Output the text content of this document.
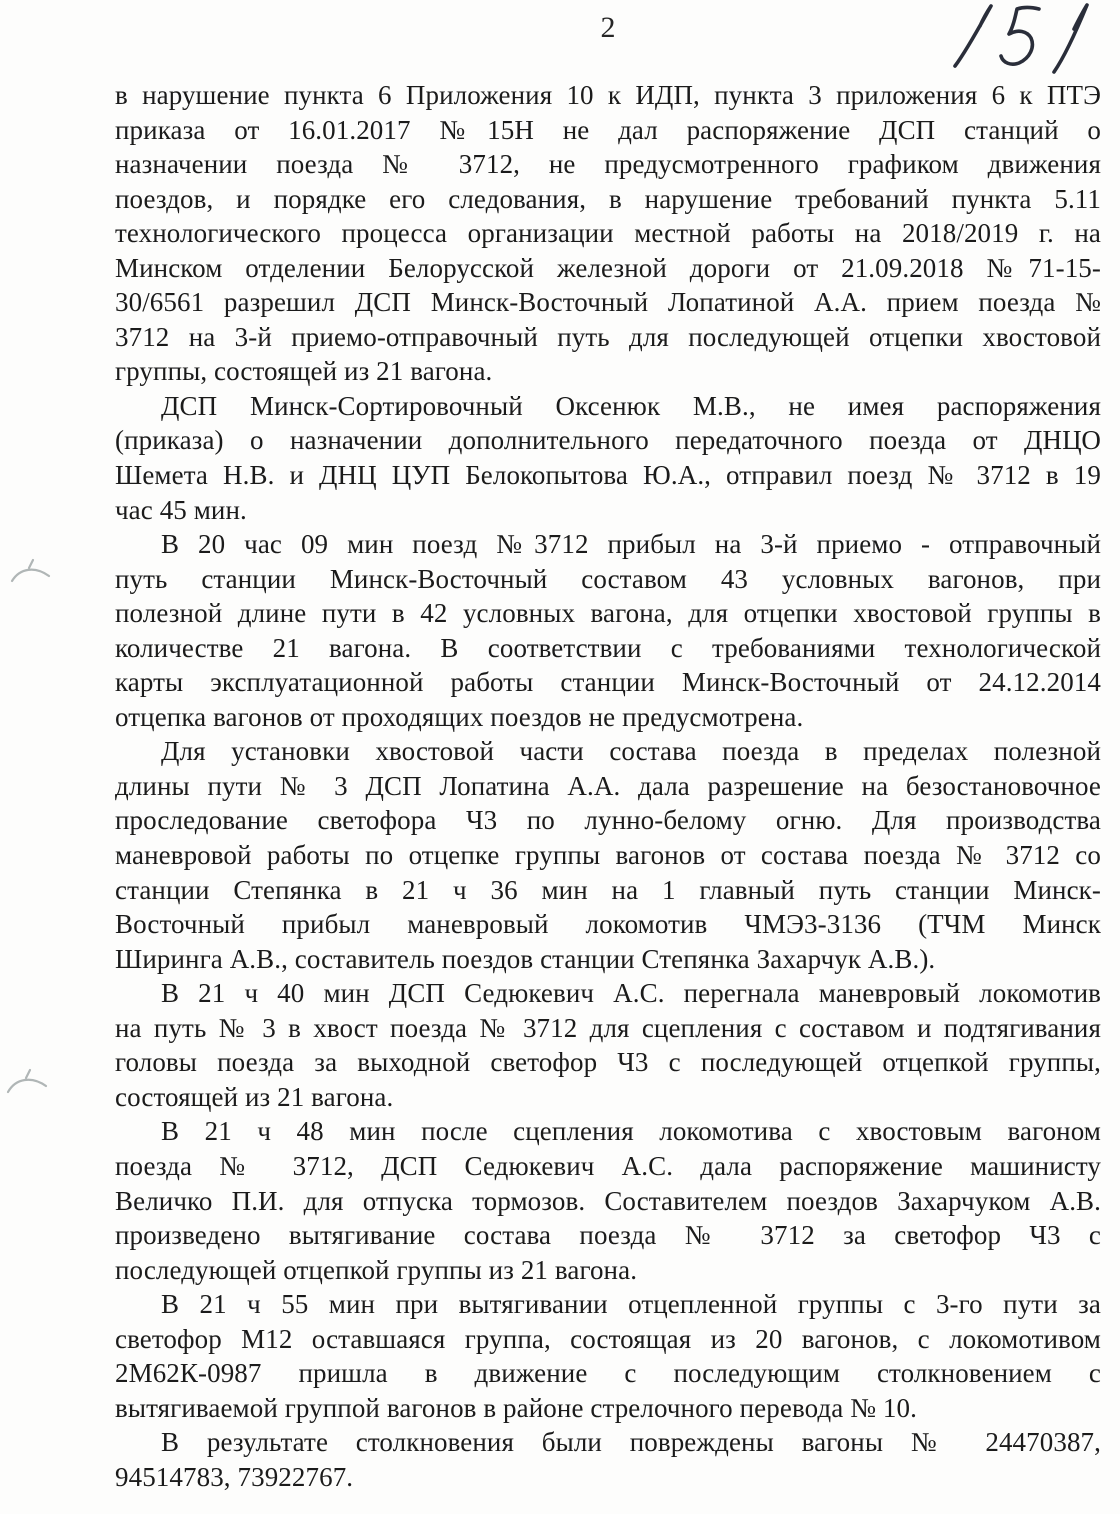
2
в нарушение пункта 6 Приложения 10 к ИДП, пункта 3 приложения 6 к ПТЭ
приказа от 16.01.2017 №15Н не дал распоряжение ДСП станций о
назначении поезда № 3712, не предусмотренного графиком движения
поездов, и порядке его следования, в нарушение требований пункта 5.11
технологического процесса организации местной работы на 2018/2019 г. на
Минском отделении Белорусской железной дороги от 21.09.2018 №71-15-
30/6561 разрешил ДСП Минск-Восточный Лопатиной А.А. прием поезда №
3712 на 3-й приемо-отправочный путь для последующей отцепки хвостовой
группы, состоящей из 21 вагона.
ДСП Минск-Сортировочный Оксенюк М.В., не имея распоряжения
(приказа) о назначении дополнительного передаточного поезда от ДНЦО
Шемета Н.В. и ДНЦ ЦУП Белокопытова Ю.А., отправил поезд № 3712 в 19
час 45 мин.
В 20 час 09 мин поезд №3712 прибыл на 3-й приемо - отправочный
путь станции Минск-Восточный составом 43 условных вагонов, при
полезной длине пути в 42 условных вагона, для отцепки хвостовой группы в
количестве 21 вагона. В соответствии с требованиями технологической
карты эксплуатационной работы станции Минск-Восточный от 24.12.2014
отцепка вагонов от проходящих поездов не предусмотрена.
Для установки хвостовой части состава поезда в пределах полезной
длины пути № 3 ДСП Лопатина А.А. дала разрешение на безостановочное
проследование светофора Ч3 по лунно-белому огню. Для производства
маневровой работы по отцепке группы вагонов от состава поезда № 3712 со
станции Степянка в 21 ч 36 мин на 1 главный путь станции Минск-
Восточный прибыл маневровый локомотив ЧМЭ3-3136 (ТЧМ Минск
Ширинга А.В., составитель поездов станции Степянка Захарчук А.В.).
В 21 ч 40 мин ДСП Седюкевич А.С. перегнала маневровый локомотив
на путь № 3 в хвост поезда № 3712 для сцепления с составом и подтягивания
головы поезда за выходной светофор Ч3 с последующей отцепкой группы,
состоящей из 21 вагона.
В 21 ч 48 мин после сцепления локомотива с хвостовым вагоном
поезда № 3712, ДСП Седюкевич А.С. дала распоряжение машинисту
Величко П.И. для отпуска тормозов. Составителем поездов Захарчуком А.В.
произведено вытягивание состава поезда № 3712 за светофор Ч3 с
последующей отцепкой группы из 21 вагона.
В 21 ч 55 мин при вытягивании отцепленной группы с 3-го пути за
светофор М12 оставшаяся группа, состоящая из 20 вагонов, с локомотивом
2М62К-0987 пришла в движение с последующим столкновением с
вытягиваемой группой вагонов в районе стрелочного перевода № 10.
В результате столкновения были повреждены вагоны № 24470387,
94514783, 73922767.
